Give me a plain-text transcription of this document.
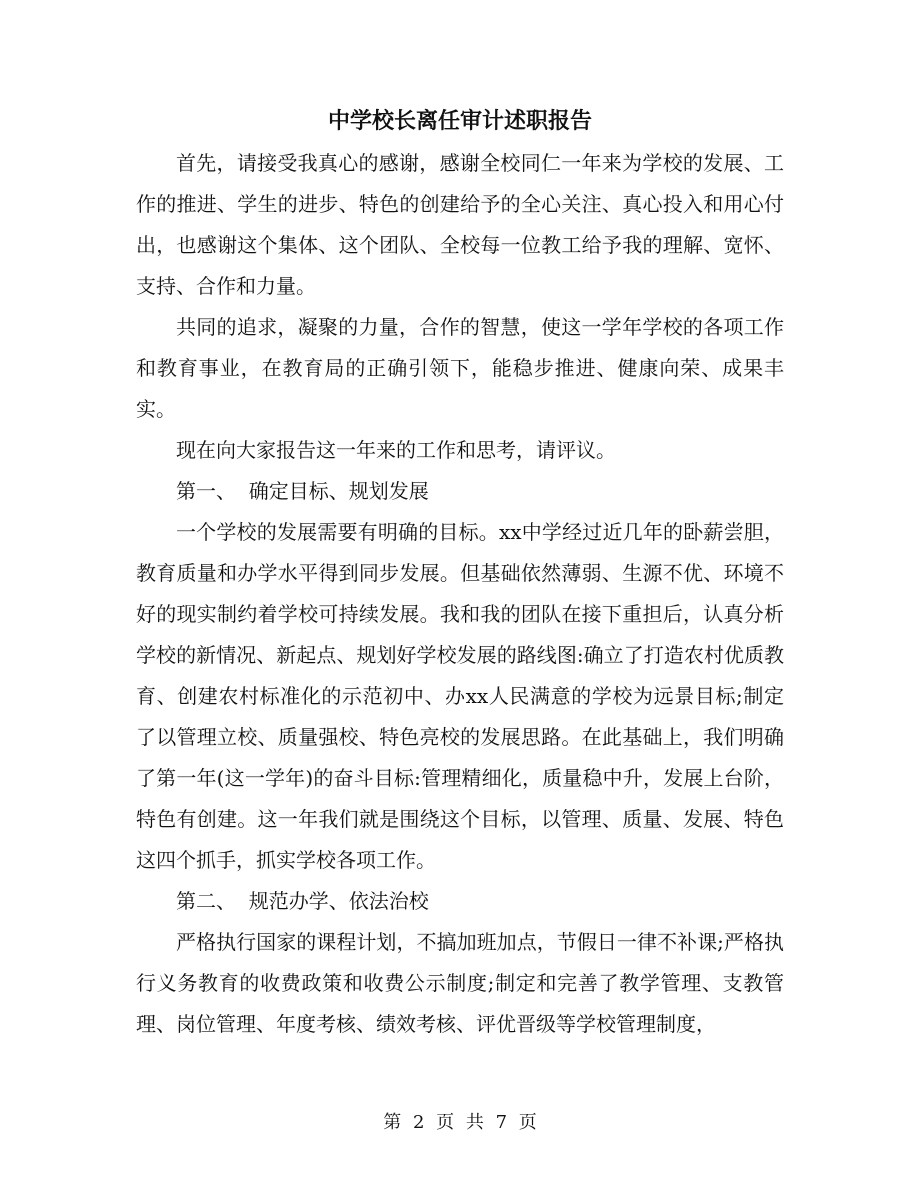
中学校长离任审计述职报告

首先，请接受我真心的感谢，感谢全校同仁一年来为学校的发展、工作的推进、学生的进步、特色的创建给予的全心关注、真心投入和用心付出，也感谢这个集体、这个团队、全校每一位教工给予我的理解、宽怀、支持、合作和力量。

共同的追求，凝聚的力量，合作的智慧，使这一学年学校的各项工作和教育事业，在教育局的正确引领下，能稳步推进、健康向荣、成果丰实。

现在向大家报告这一年来的工作和思考，请评议。

第一、  确定目标、规划发展

一个学校的发展需要有明确的目标。xx中学经过近几年的卧薪尝胆，教育质量和办学水平得到同步发展。但基础依然薄弱、生源不优、环境不好的现实制约着学校可持续发展。我和我的团队在接下重担后，认真分析学校的新情况、新起点、规划好学校发展的路线图:确立了打造农村优质教育、创建农村标准化的示范初中、办xx人民满意的学校为远景目标;制定了以管理立校、质量强校、特色亮校的发展思路。在此基础上，我们明确了第一年(这一学年)的奋斗目标:管理精细化，质量稳中升，发展上台阶，特色有创建。这一年我们就是围绕这个目标，以管理、质量、发展、特色这四个抓手，抓实学校各项工作。

第二、  规范办学、依法治校

严格执行国家的课程计划，不搞加班加点，节假日一律不补课;严格执行义务教育的收费政策和收费公示制度;制定和完善了教学管理、支教管理、岗位管理、年度考核、绩效考核、评优晋级等学校管理制度，

第 2 页 共 7 页
